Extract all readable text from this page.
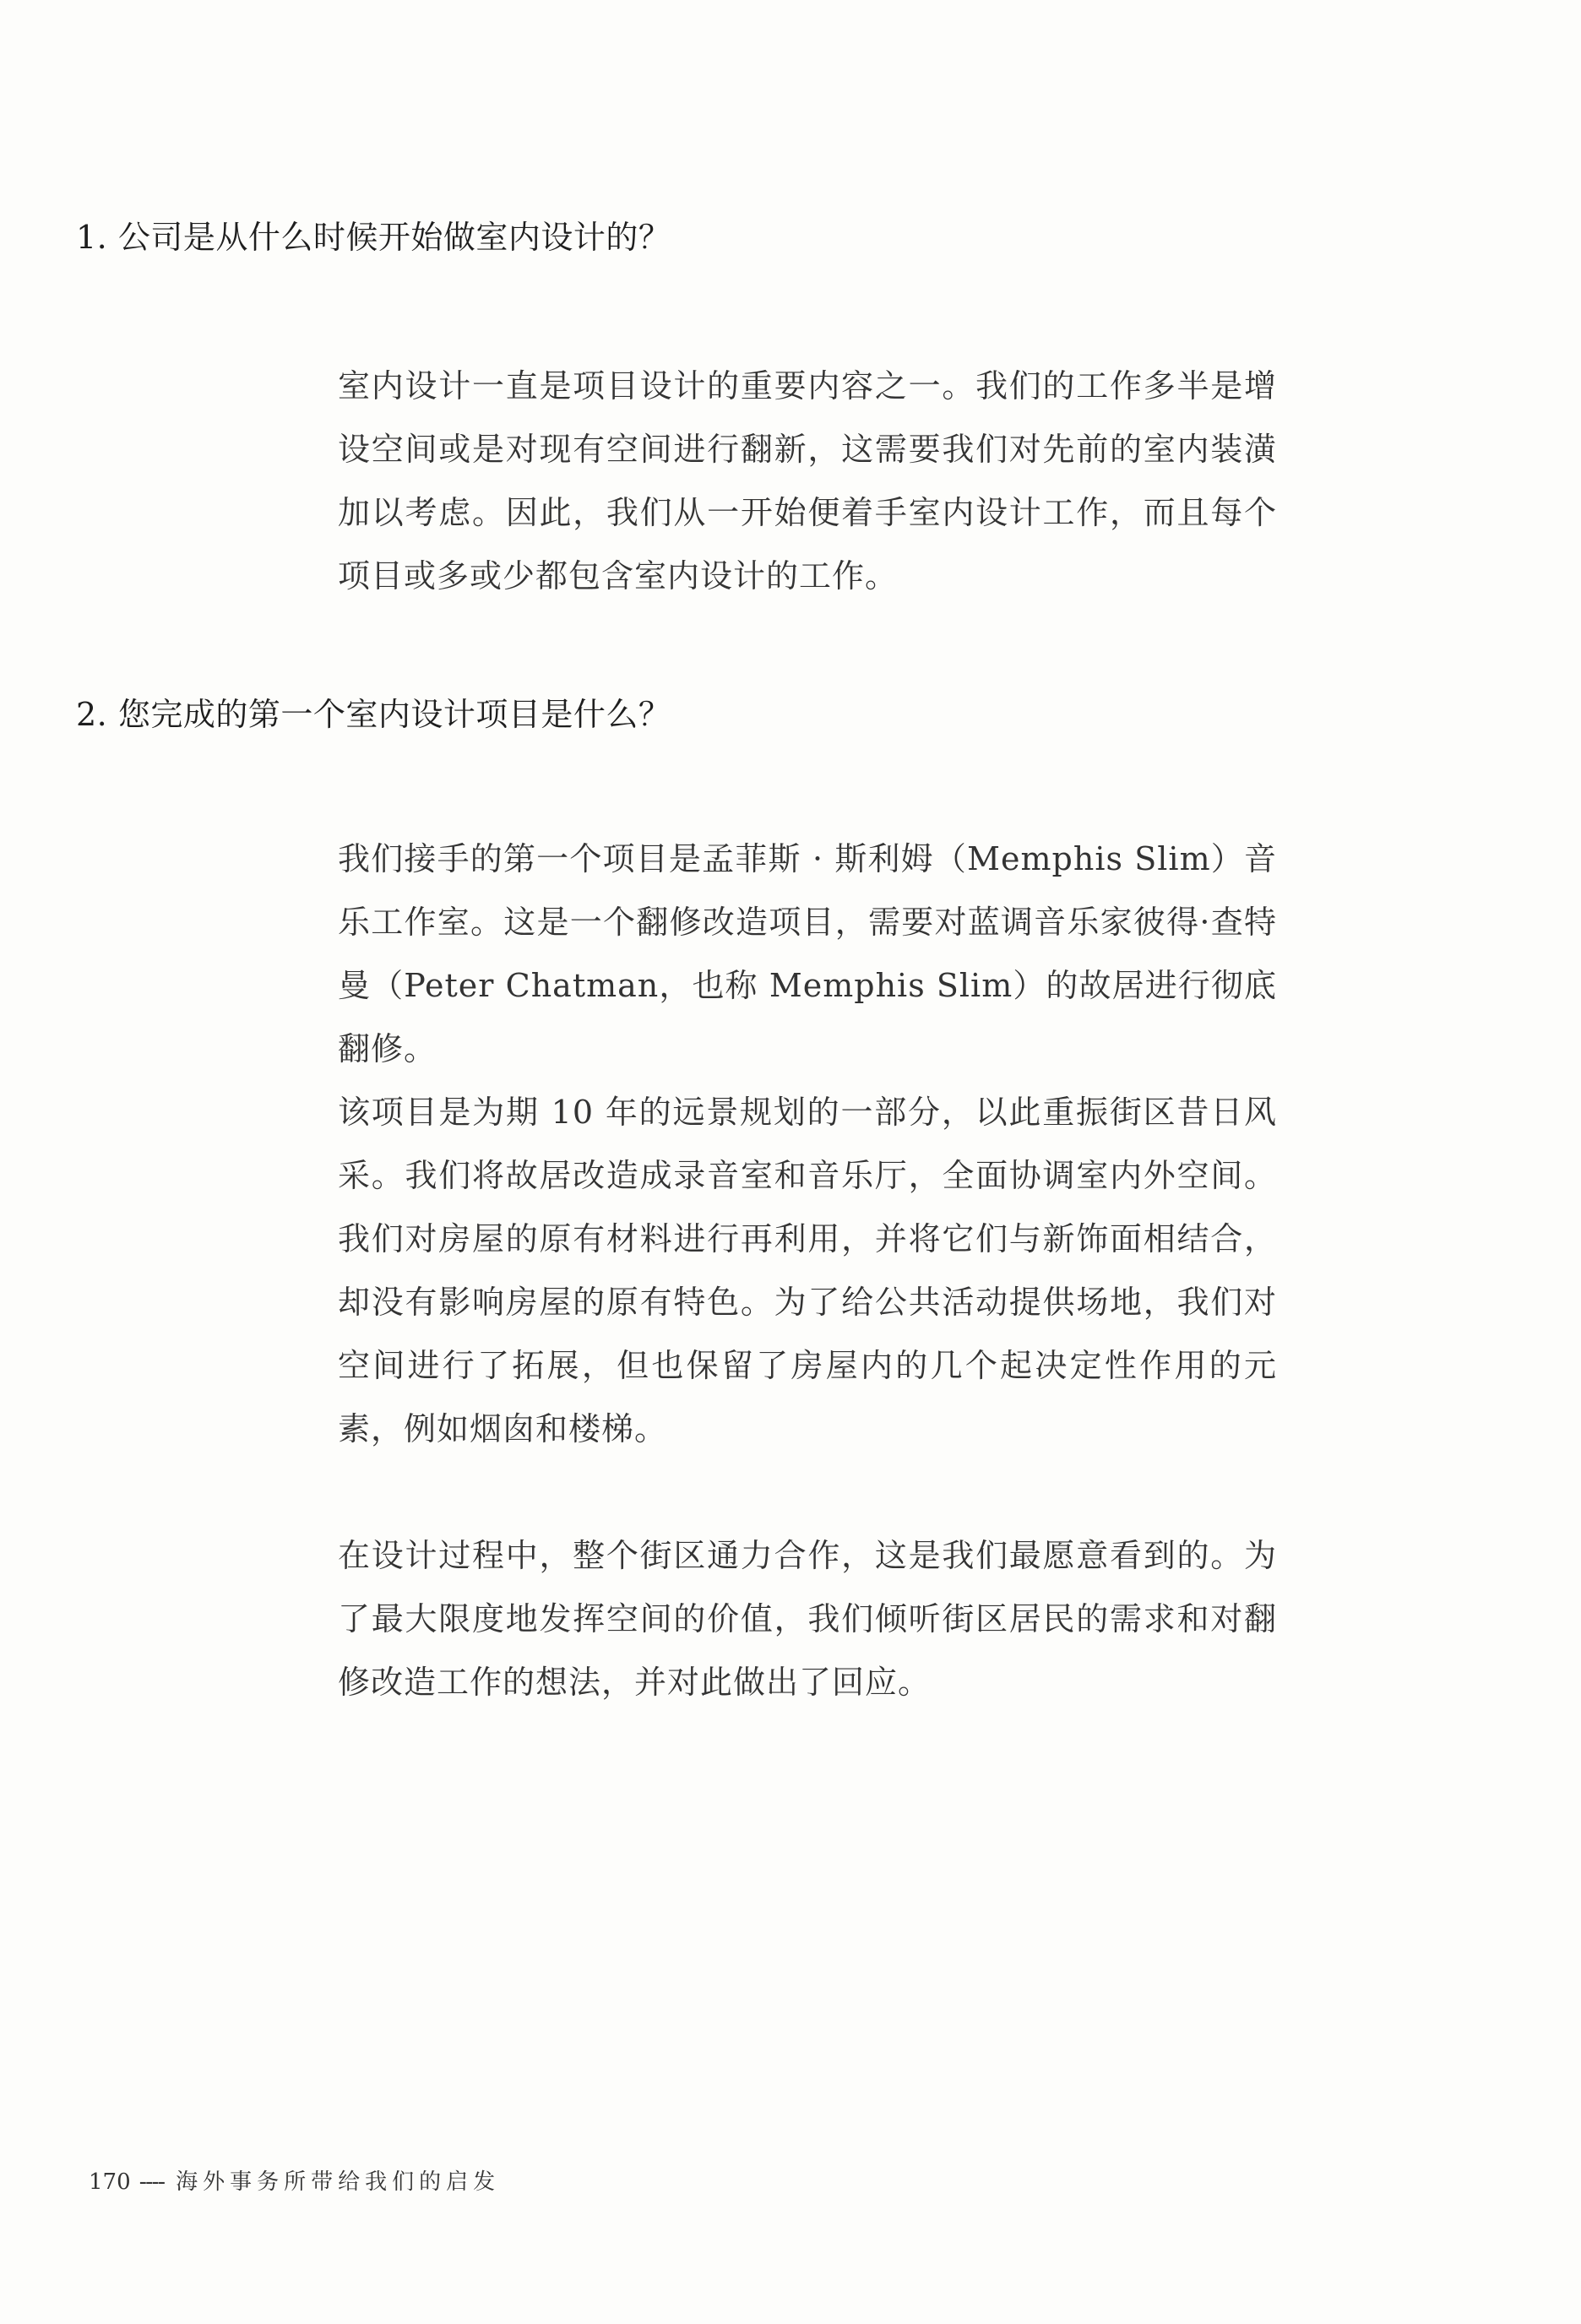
1. 公司是从什么时候开始做室内设计的？

室内设计一直是项目设计的重要内容之一。我们的工作多半是增设空间或是对现有空间进行翻新，这需要我们对先前的室内装潢加以考虑。因此，我们从一开始便着手室内设计工作，而且每个项目或多或少都包含室内设计的工作。

2. 您完成的第一个室内设计项目是什么？

我们接手的第一个项目是孟菲斯 · 斯利姆（Memphis Slim）音乐工作室。这是一个翻修改造项目，需要对蓝调音乐家彼得·查特曼（Peter Chatman，也称 Memphis Slim）的故居进行彻底翻修。

该项目是为期 10 年的远景规划的一部分，以此重振街区昔日风采。我们将故居改造成录音室和音乐厅，全面协调室内外空间。我们对房屋的原有材料进行再利用，并将它们与新饰面相结合，却没有影响房屋的原有特色。为了给公共活动提供场地，我们对空间进行了拓展，但也保留了房屋内的几个起决定性作用的元素，例如烟囱和楼梯。

在设计过程中，整个街区通力合作，这是我们最愿意看到的。为了最大限度地发挥空间的价值，我们倾听街区居民的需求和对翻修改造工作的想法，并对此做出了回应。

170 ---- 海外事务所带给我们的启发
